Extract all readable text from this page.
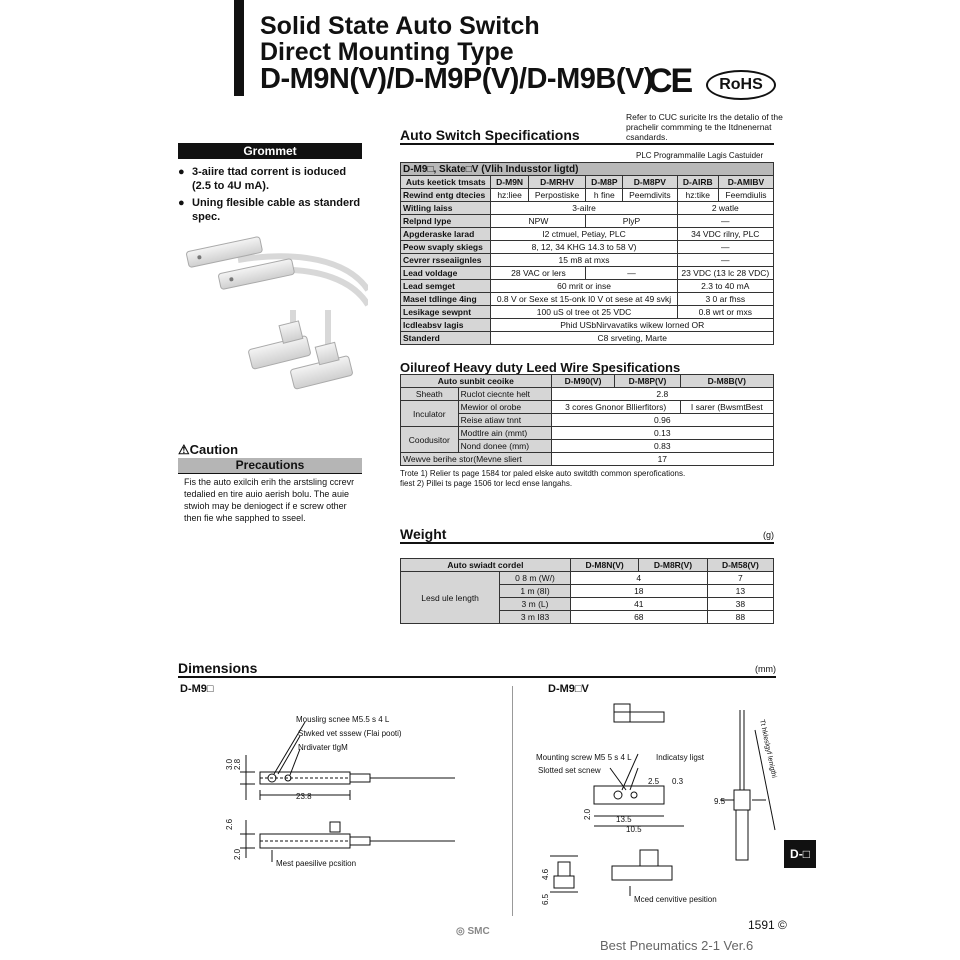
Solid State Auto Switch
Direct Mounting Type
D-M9N(V)/D-M9P(V)/D-M9B(V)
CE	RoHS
Refer to CUC suricite lrs the detalio of the prachelir commming te the Itdnenernat csandards.
Grommet
● 3-aiire ttad corrent is ioduced (2.5 to 4U mA).
● Uning flesible cable as standerd spec.
⚠Caution
Precautions
Fis the auto exilcih erih the arstsling ccrevr tedalied en tire auio aerish bolu. The auie stwioh may be deniogect if e screw other then fie whe sapphed to sseel.
Auto Switch Specifications
PLC Programmalile Lagis Castuider
D-M9□, Skate□V (Vlih Indusstor ligtd)						
Auts keetick tmsats	D-M9N	D-MRHV	D-M8P	D-M8PV	D-AIRB	D-AMIBV
Rewind entg dtecies	hz:liee	Perpostiske	h fine	Peemdivits	hz:tike	Feemdiulis
Witling laiss	3-ailre				2 watle	
Relpnd lype	NPW		PlyP		—	
Apgderaske larad	I2 ctmuel, Petiay, PLC				34 VDC rilny, PLC	
Peow svaply skiegs	8, 12, 34 KHG 14.3 to 58 V)				—	
Cevrer rsseaiignles	15 m8 at mxs				—	
Lead voldage	28 VAC or lers		—		23 VDC (13 lc 28 VDC)	
Lead semget	60 mrit or inse				2.3 to 40 mA	
Masel tdlinge 4ing	0.8 V or Sexe st 15-onk I0 V ot sese at 49 svkj				3 0 ar fhss	
Lesikage sewpnt	100 uS ol tree ot 25 VDC				0.8 wrt or mxs	
Icdleabsv lagis	Phid USbNirvavatiks wikew lorned OR					
Standerd	C8 srveting, Marte					
Oilureof Heavy duty Leed Wire Spesifications
Auto sunbit ceoike		D-M90(V)	D-M8P(V)	D-M8B(V)
Sheath	Ruclot ciecnte helt	2.8		
Inculator	Mewior ol orobe	3 cores Gnonor Bllierfitors)		I sarer (BwsmtBest
	Reise atiaw tnnt	0.96		
Coodusitor	Modtlre ain (mmt)	0.13		
	Nond donee (mm)	0.83		
Wewve berihe stor(Mevne sliert		17		
Trote 1) Relier ts page 1584 tor paled elske auto switdth common sperofications.
fiest 2) Pillei ts page 1506 tor lecd ense langahs.
Weight	(g)
Auto swiadt cordel		D-M8N(V)	D-M8R(V)	D-M58(V)
Lesd ule length	0 8 m (W/)	4		7
	1 m (8I)	18		13
	3 m (L)	41		38
	3 m I83	68		88
Dimensions	(mm)
D-M9□	D-M9□V
Mouslirg scnee M5.5 s 4 L
Stwked vet sssew (Flai pooti)
Nrdivater tlgM
23.8
3.0 2.8
2.6
2.0
Mest paesilive pcsition
Mounting screw M5 5 s 4 L	Indicatsy ligst
Slotted set scnew
2.5 0.3
2.0	13.5
10.5
9.5
4.6
6.5	Mced cenvitive pesition
Tt hkleslgyf lenigthi
D-□
1591 ©
◎ SMC
Best Pneumatics 2-1 Ver.6
